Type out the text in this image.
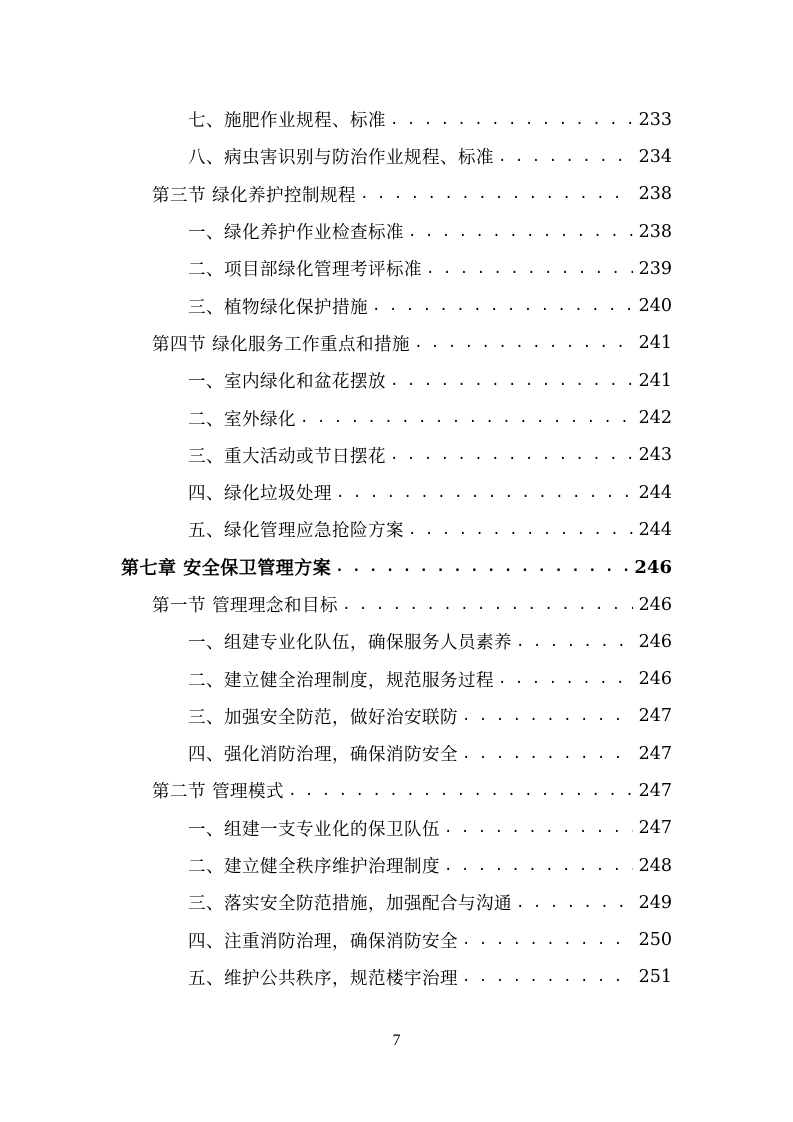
七、施肥作业规程、标准 . . .	233
八、病虫害识别与防治作业规程、标准 . . .	234
第三节 绿化养护控制规程 . . .	238
一、绿化养护作业检查标准 . . .	238
二、项目部绿化管理考评标准 . . .	239
三、植物绿化保护措施 . . .	240
第四节 绿化服务工作重点和措施 . . .	241
一、室内绿化和盆花摆放 . . .	241
二、室外绿化 . . .	242
三、重大活动或节日摆花 . . .	243
四、绿化垃圾处理 . . .	244
五、绿化管理应急抢险方案 . . .	244
第七章 安全保卫管理方案 . . .	246
第一节 管理理念和目标 . . .	246
一、组建专业化队伍，确保服务人员素养 . . .	246
二、建立健全治理制度，规范服务过程 . . .	246
三、加强安全防范，做好治安联防 . . .	247
四、强化消防治理，确保消防安全 . . .	247
第二节 管理模式 . . .	247
一、组建一支专业化的保卫队伍 . . .	247
二、建立健全秩序维护治理制度 . . .	248
三、落实安全防范措施，加强配合与沟通 . . .	249
四、注重消防治理，确保消防安全 . . .	250
五、维护公共秩序，规范楼宇治理 . . .	251
7
